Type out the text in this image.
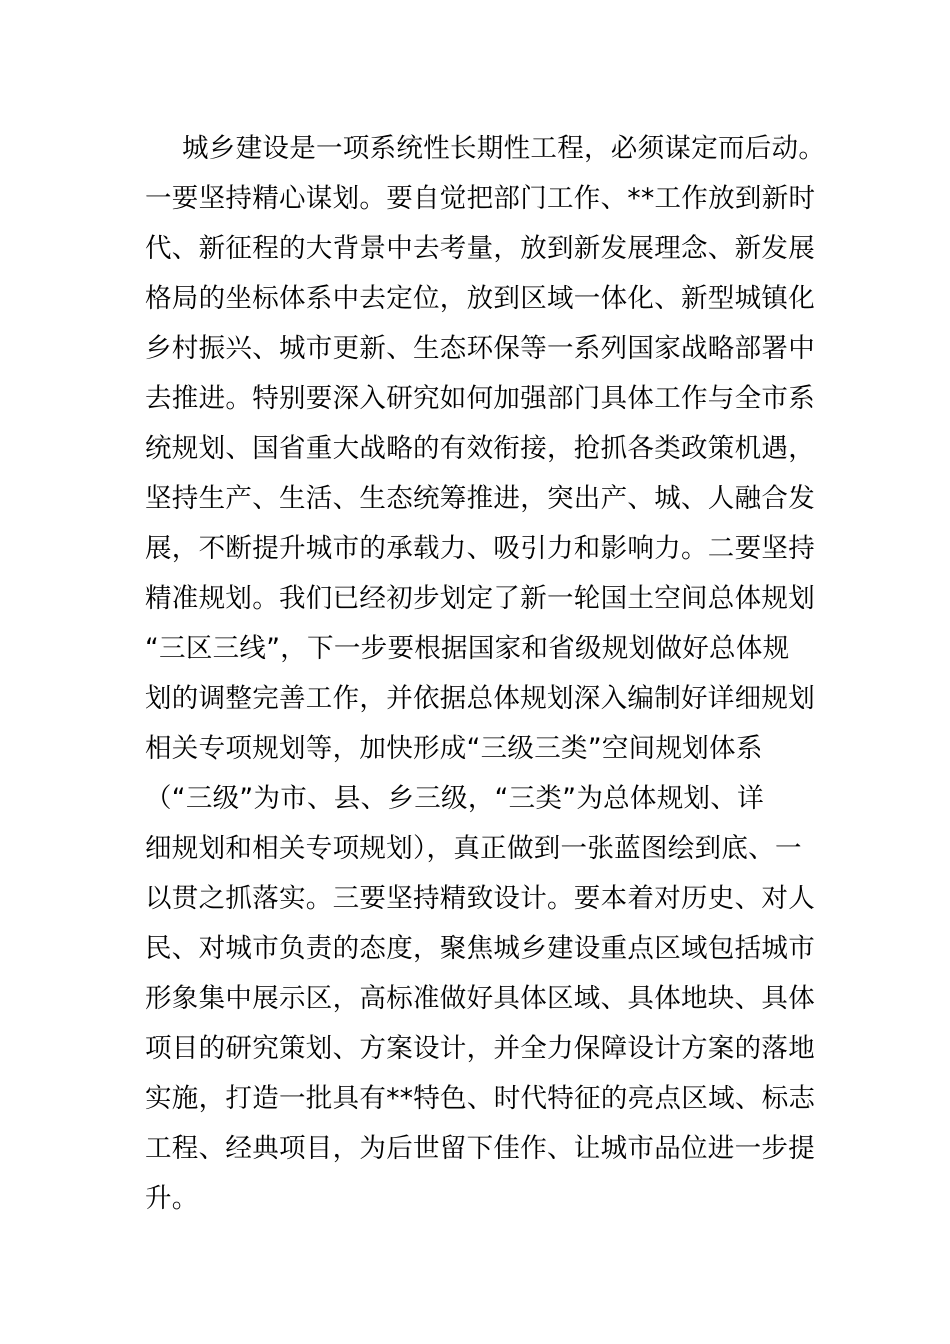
城乡建设是一项系统性长期性工程，必须谋定而后动。
一要坚持精心谋划。要自觉把部门工作、**工作放到新时
代、新征程的大背景中去考量，放到新发展理念、新发展
格局的坐标体系中去定位，放到区域一体化、新型城镇化
乡村振兴、城市更新、生态环保等一系列国家战略部署中
去推进。特别要深入研究如何加强部门具体工作与全市系
统规划、国省重大战略的有效衔接，抢抓各类政策机遇，
坚持生产、生活、生态统筹推进，突出产、城、人融合发
展，不断提升城市的承载力、吸引力和影响力。二要坚持
精准规划。我们已经初步划定了新一轮国土空间总体规划
“三区三线”，下一步要根据国家和省级规划做好总体规
划的调整完善工作，并依据总体规划深入编制好详细规划
相关专项规划等，加快形成“三级三类”空间规划体系
（“三级”为市、县、乡三级，“三类”为总体规划、详
细规划和相关专项规划），真正做到一张蓝图绘到底、一
以贯之抓落实。三要坚持精致设计。要本着对历史、对人
民、对城市负责的态度，聚焦城乡建设重点区域包括城市
形象集中展示区，高标准做好具体区域、具体地块、具体
项目的研究策划、方案设计，并全力保障设计方案的落地
实施，打造一批具有**特色、时代特征的亮点区域、标志
工程、经典项目，为后世留下佳作、让城市品位进一步提
升。
